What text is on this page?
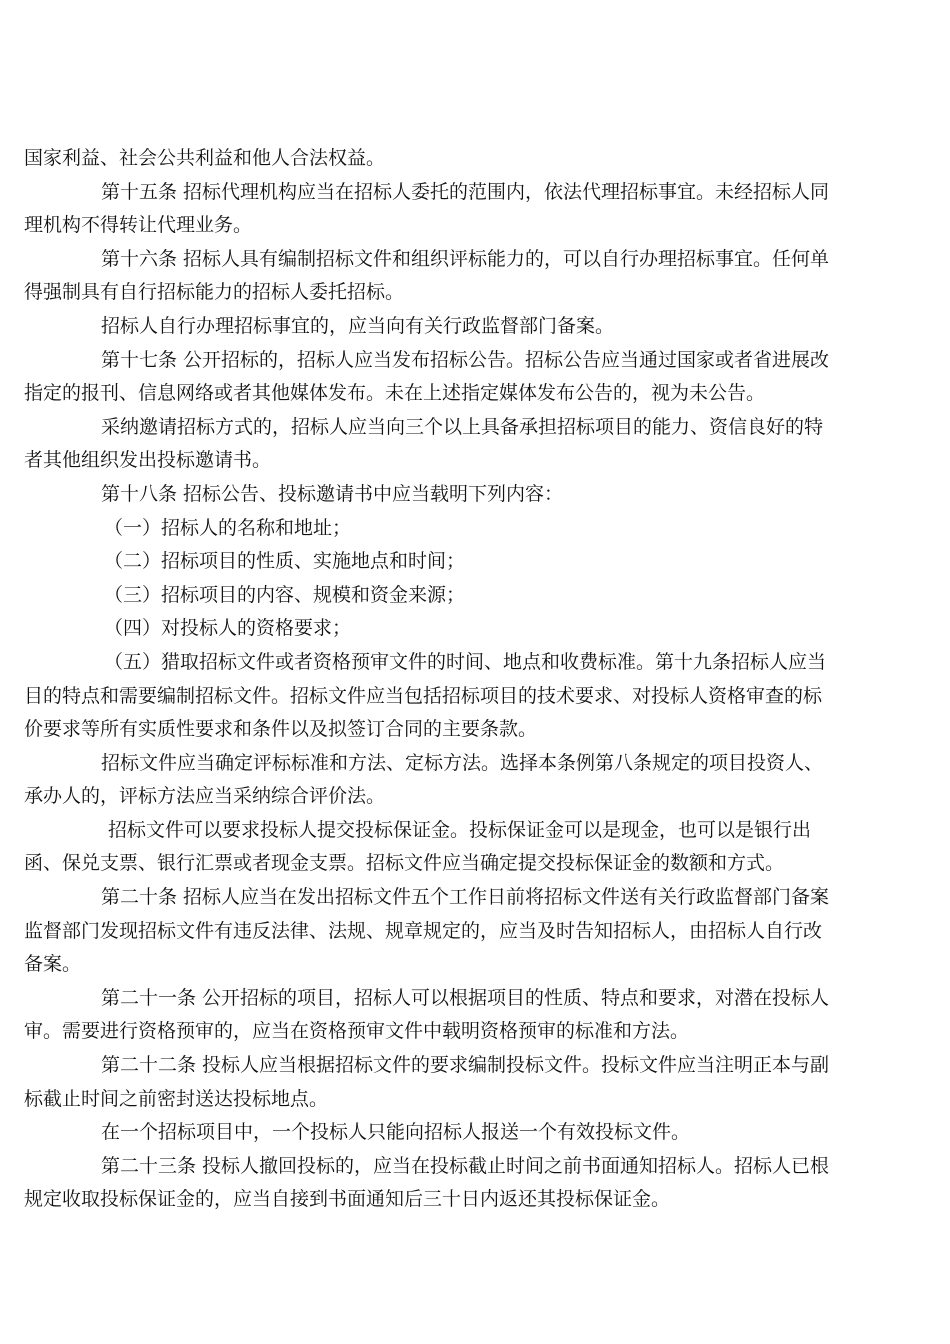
国家利益、社会公共利益和他人合法权益。
第十五条 招标代理机构应当在招标人委托的范围内，依法代理招标事宜。未经招标人同
理机构不得转让代理业务。
第十六条 招标人具有编制招标文件和组织评标能力的，可以自行办理招标事宜。任何单
得强制具有自行招标能力的招标人委托招标。
招标人自行办理招标事宜的，应当向有关行政监督部门备案。
第十七条 公开招标的，招标人应当发布招标公告。招标公告应当通过国家或者省进展改
指定的报刊、信息网络或者其他媒体发布。未在上述指定媒体发布公告的，视为未公告。
采纳邀请招标方式的，招标人应当向三个以上具备承担招标项目的能力、资信良好的特
者其他组织发出投标邀请书。
第十八条 招标公告、投标邀请书中应当载明下列内容：
（一）招标人的名称和地址；
（二）招标项目的性质、实施地点和时间；
（三）招标项目的内容、规模和资金来源；
（四）对投标人的资格要求；
（五）猎取招标文件或者资格预审文件的时间、地点和收费标准。第十九条招标人应当
目的特点和需要编制招标文件。招标文件应当包括招标项目的技术要求、对投标人资格审查的标
价要求等所有实质性要求和条件以及拟签订合同的主要条款。
招标文件应当确定评标标准和方法、定标方法。选择本条例第八条规定的项目投资人、
承办人的，评标方法应当采纳综合评价法。
招标文件可以要求投标人提交投标保证金。投标保证金可以是现金，也可以是银行出
函、保兑支票、银行汇票或者现金支票。招标文件应当确定提交投标保证金的数额和方式。
第二十条 招标人应当在发出招标文件五个工作日前将招标文件送有关行政监督部门备案
监督部门发现招标文件有违反法律、法规、规章规定的，应当及时告知招标人，由招标人自行改
备案。
第二十一条 公开招标的项目，招标人可以根据项目的性质、特点和要求，对潜在投标人
审。需要进行资格预审的，应当在资格预审文件中载明资格预审的标准和方法。
第二十二条 投标人应当根据招标文件的要求编制投标文件。投标文件应当注明正本与副
标截止时间之前密封送达投标地点。
在一个招标项目中，一个投标人只能向招标人报送一个有效投标文件。
第二十三条 投标人撤回投标的，应当在投标截止时间之前书面通知招标人。招标人已根
规定收取投标保证金的，应当自接到书面通知后三十日内返还其投标保证金。
